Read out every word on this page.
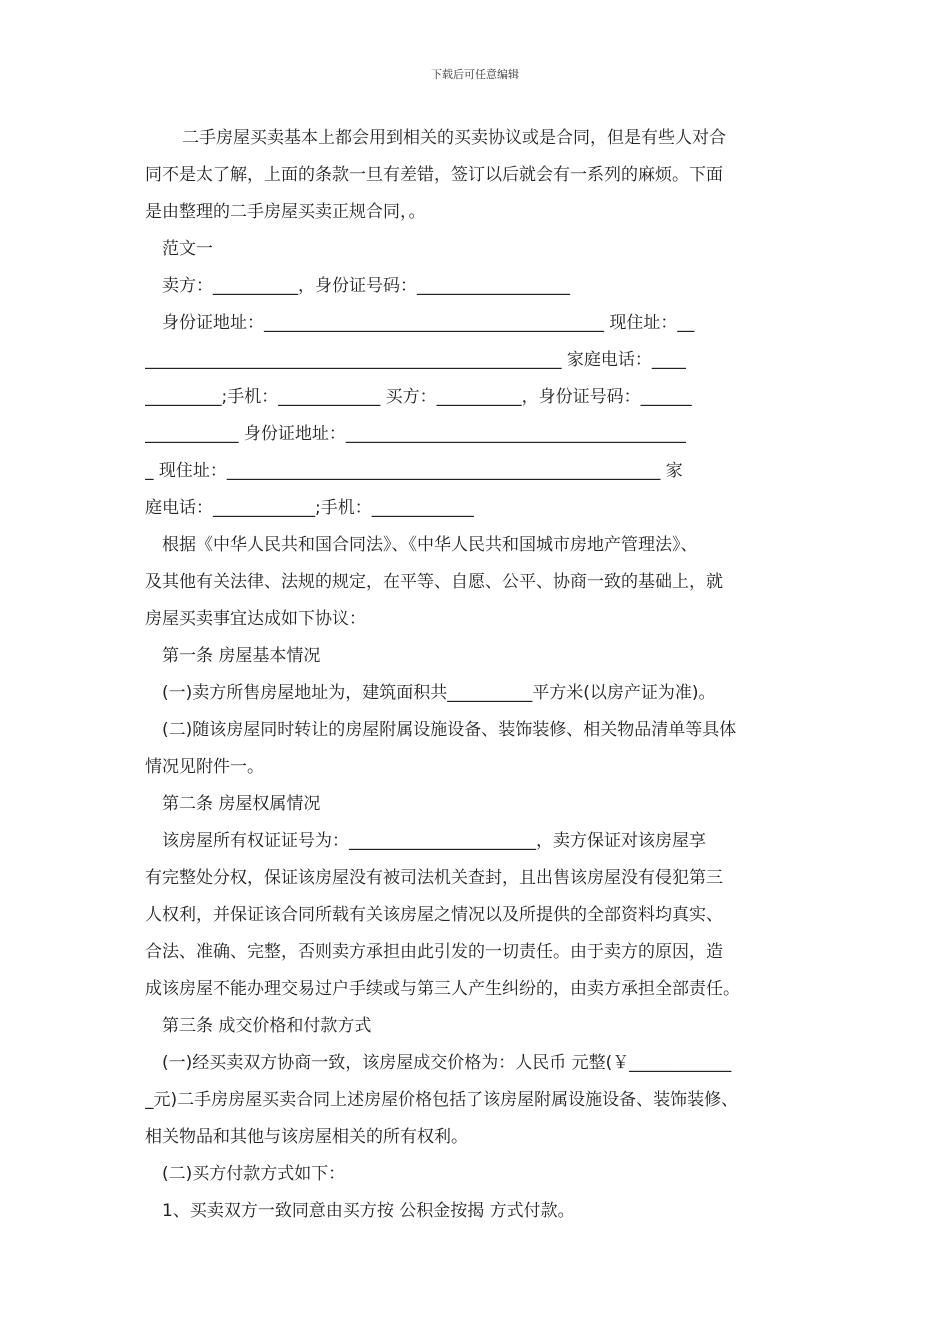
下载后可任意编辑
二手房屋买卖基本上都会用到相关的买卖协议或是合同，但是有些人对合
同不是太了解，上面的条款一旦有差错，签订以后就会有一系列的麻烦。下面
是由整理的二手房屋买卖正规合同，。
范文一
卖方：__________，身份证号码：__________________
身份证地址：________________________________________ 现住址：__
_________________________________________________ 家庭电话：____
_________;手机：____________ 买方：__________，身份证号码：______
___________ 身份证地址：________________________________________
_ 现住址：___________________________________________________ 家
庭电话：____________;手机：____________
根据《中华人民共和国合同法》、《中华人民共和国城市房地产管理法》、
及其他有关法律、法规的规定，在平等、自愿、公平、协商一致的基础上，就
房屋买卖事宜达成如下协议：
第一条 房屋基本情况
(一)卖方所售房屋地址为，建筑面积共__________平方米(以房产证为准)。
(二)随该房屋同时转让的房屋附属设施设备、装饰装修、相关物品清单等具体
情况见附件一。
第二条 房屋权属情况
该房屋所有权证证号为：______________________，卖方保证对该房屋享
有完整处分权，保证该房屋没有被司法机关查封，且出售该房屋没有侵犯第三
人权利，并保证该合同所载有关该房屋之情况以及所提供的全部资料均真实、
合法、准确、完整，否则卖方承担由此引发的一切责任。由于卖方的原因，造
成该房屋不能办理交易过户手续或与第三人产生纠纷的，由卖方承担全部责任。
第三条 成交价格和付款方式
(一)经买卖双方协商一致，该房屋成交价格为：人民币 元整(￥____________
_元)二手房房屋买卖合同上述房屋价格包括了该房屋附属设施设备、装饰装修、
相关物品和其他与该房屋相关的所有权利。
(二)买方付款方式如下：
1、买卖双方一致同意由买方按 公积金按揭 方式付款。
